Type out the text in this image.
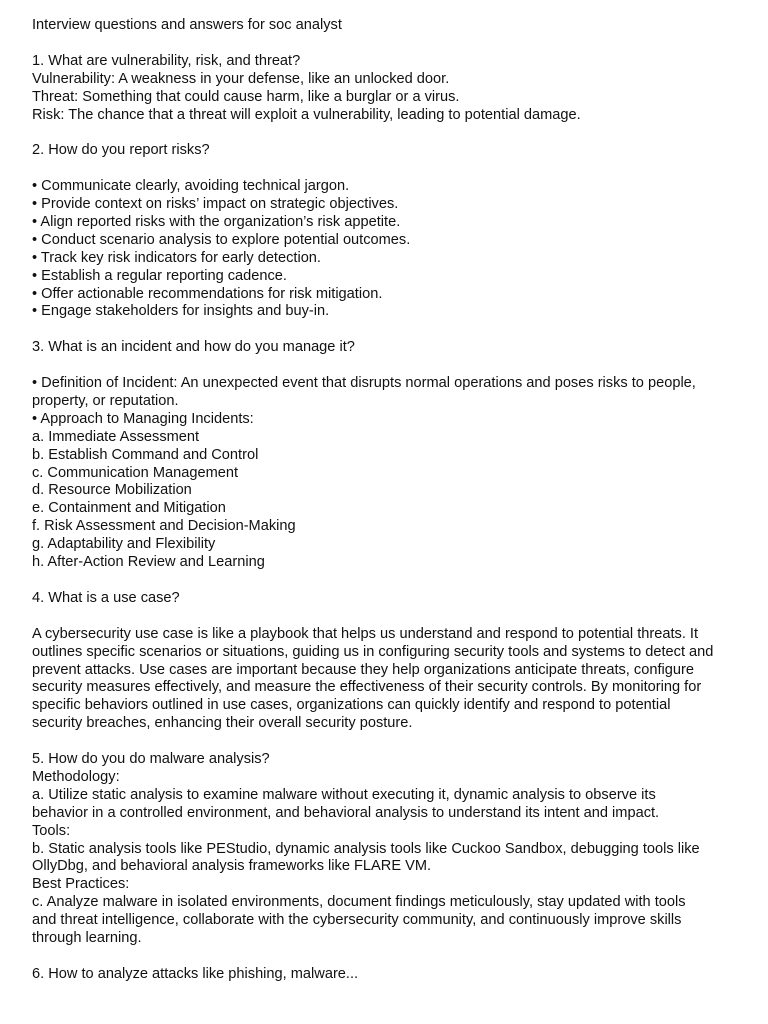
Interview questions and answers for soc analyst
1. What are vulnerability, risk, and threat?
Vulnerability: A weakness in your defense, like an unlocked door.
Threat: Something that could cause harm, like a burglar or a virus.
Risk: The chance that a threat will exploit a vulnerability, leading to potential damage.
2. How do you report risks?
• Communicate clearly, avoiding technical jargon.
• Provide context on risks’ impact on strategic objectives.
• Align reported risks with the organization’s risk appetite.
• Conduct scenario analysis to explore potential outcomes.
• Track key risk indicators for early detection.
• Establish a regular reporting cadence.
• Offer actionable recommendations for risk mitigation.
• Engage stakeholders for insights and buy-in.
3. What is an incident and how do you manage it?
• Definition of Incident: An unexpected event that disrupts normal operations and poses risks to people,
property, or reputation.
• Approach to Managing Incidents:
a. Immediate Assessment
b. Establish Command and Control
c. Communication Management
d. Resource Mobilization
e. Containment and Mitigation
f. Risk Assessment and Decision-Making
g. Adaptability and Flexibility
h. After-Action Review and Learning
4. What is a use case?
A cybersecurity use case is like a playbook that helps us understand and respond to potential threats. It
outlines specific scenarios or situations, guiding us in configuring security tools and systems to detect and
prevent attacks. Use cases are important because they help organizations anticipate threats, configure
security measures effectively, and measure the effectiveness of their security controls. By monitoring for
specific behaviors outlined in use cases, organizations can quickly identify and respond to potential
security breaches, enhancing their overall security posture.
5. How do you do malware analysis?
Methodology:
a. Utilize static analysis to examine malware without executing it, dynamic analysis to observe its
behavior in a controlled environment, and behavioral analysis to understand its intent and impact.
Tools:
b. Static analysis tools like PEStudio, dynamic analysis tools like Cuckoo Sandbox, debugging tools like
OllyDbg, and behavioral analysis frameworks like FLARE VM.
Best Practices:
c. Analyze malware in isolated environments, document findings meticulously, stay updated with tools
and threat intelligence, collaborate with the cybersecurity community, and continuously improve skills
through learning.
6. How to analyze attacks like phishing, malware...
